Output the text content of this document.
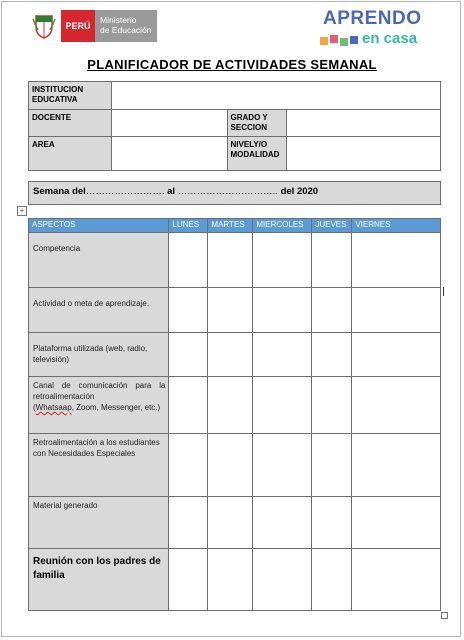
PERÚ
Ministerio
de Educación
APRENDO
en casa
PLANIFICADOR DE ACTIVIDADES SEMANAL
INSTITUCION
EDUCATIVA			

DOCENTE		GRADO Y
SECCION	

AREA		NIVELY/O
MODALIDAD	

Semana del……………………. al ………………………….. del 2020
+
ASPECTOS	LUNES	MARTES	MIERCOLES	JUEVES	VIERNES
Competencia					
Actividad o meta de aprendizaje.					
Plataforma utilizada (web, radio, televisión)					
Canal de comunicación para la retroalimentación
(Whatsaap, Zoom, Messenger, etc.)					
Retroalimentación a los estudiantes con Necesidades Especiales					
Material generado					
Reunión con los padres de familia					
